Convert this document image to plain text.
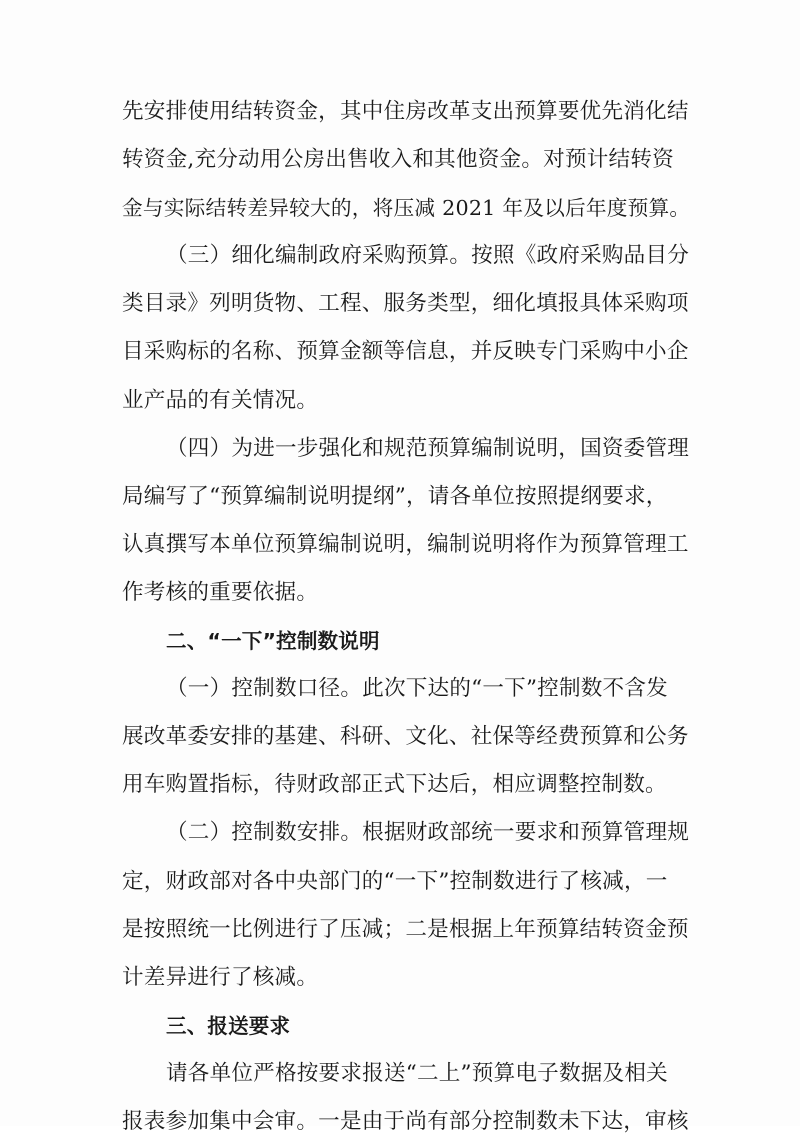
先安排使用结转资金，其中住房改革支出预算要优先消化结
转资金,充分动用公房出售收入和其他资金。对预计结转资
金与实际结转差异较大的，将压减 2021 年及以后年度预算。
（三）细化编制政府采购预算。按照《政府采购品目分
类目录》列明货物、工程、服务类型，细化填报具体采购项
目采购标的名称、预算金额等信息，并反映专门采购中小企
业产品的有关情况。
（四）为进一步强化和规范预算编制说明，国资委管理
局编写了“预算编制说明提纲”，请各单位按照提纲要求，
认真撰写本单位预算编制说明，编制说明将作为预算管理工
作考核的重要依据。
二、“一下”控制数说明
（一）控制数口径。此次下达的“一下”控制数不含发
展改革委安排的基建、科研、文化、社保等经费预算和公务
用车购置指标，待财政部正式下达后，相应调整控制数。
（二）控制数安排。根据财政部统一要求和预算管理规
定，财政部对各中央部门的“一下”控制数进行了核减，一
是按照统一比例进行了压减；二是根据上年预算结转资金预
计差异进行了核减。
三、报送要求
请各单位严格按要求报送“二上”预算电子数据及相关
报表参加集中会审。一是由于尚有部分控制数未下达，审核
